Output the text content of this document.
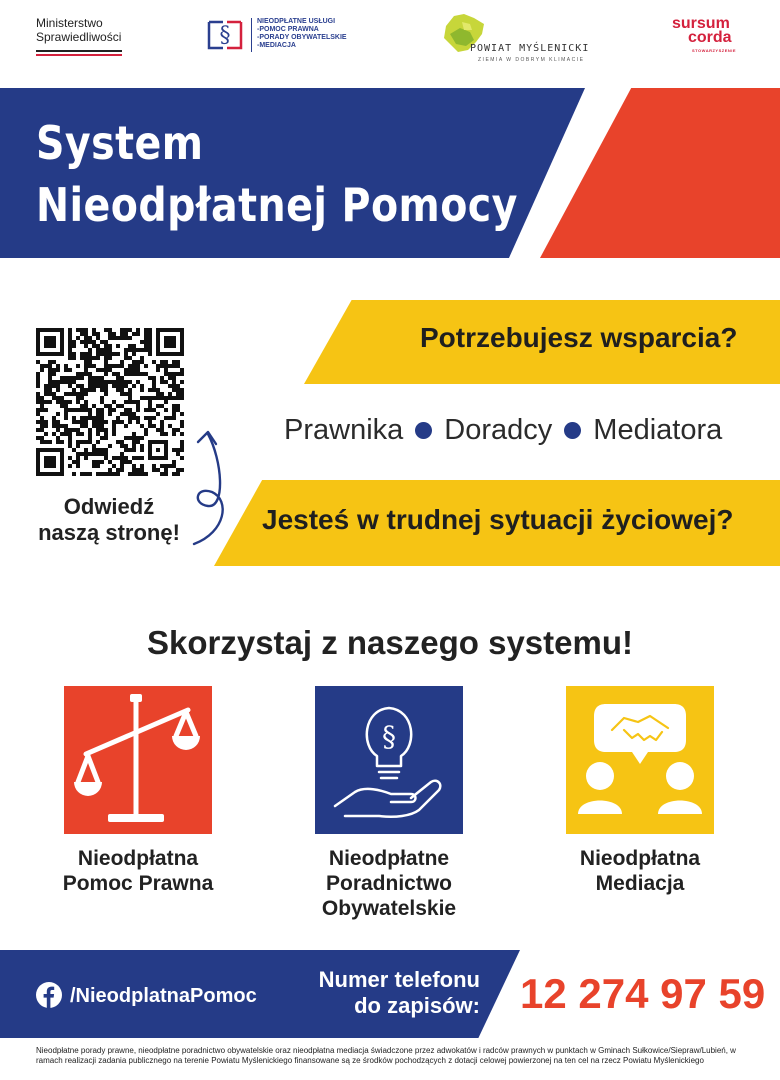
Ministerstwo
Sprawiedliwości	§
NIEODPŁATNE USŁUGI
-POMOC PRAWNA
-PORADY OBYWATELSKIE
-MEDIACJA	POWIAT MYŚLENICKI
ZIEMIA W DOBRYM KLIMACIE
sursum
corda
STOWARZYSZENIE
System
Nieodpłatnej Pomocy
Potrzebujesz wsparcia?
Prawnika Doradcy Mediatora
Jesteś w trudnej sytuacji życiowej?
Odwiedź
naszą stronę!
Skorzystaj z naszego systemu!
§
Nieodpłatna
Pomoc Prawna
Nieodpłatne
Poradnictwo
Obywatelskie
Nieodpłatna
Mediacja
/NieodplatnaPomoc
Numer telefonu
do zapisów: 12 274 97 59
Nieodpłatne porady prawne, nieodpłatne poradnictwo obywatelskie oraz nieodpłatna mediacja świadczone przez adwokatów i radców prawnych w punktach w Gminach Sułkowice/Siepraw/Lubień, w ramach realizacji zadania publicznego na terenie Powiatu Myślenickiego finansowane są ze środków pochodzących z dotacji celowej powierzonej na ten cel na rzecz Powiatu Myślenickiego
